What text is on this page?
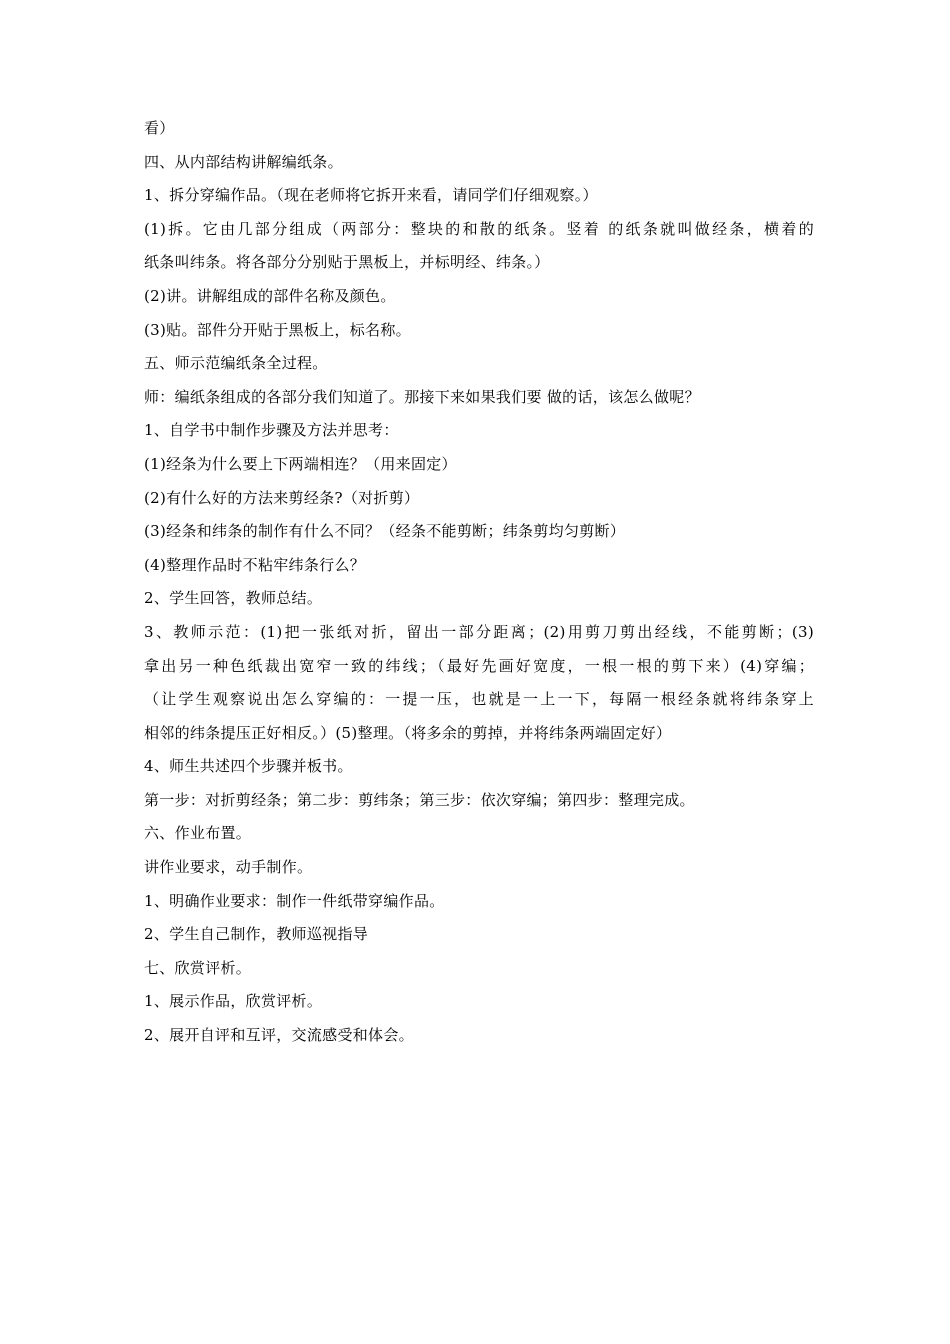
看）
四、从内部结构讲解编纸条。
1、拆分穿编作品。（现在老师将它拆开来看，请同学们仔细观察。）
(1)拆。它由几部分组成（两部分：整块的和散的纸条。竖着 的纸条就叫做经条，横着的
纸条叫纬条。将各部分分别贴于黑板上，并标明经、纬条。）
(2)讲。讲解组成的部件名称及颜色。
(3)贴。部件分开贴于黑板上，标名称。
五、师示范编纸条全过程。
师：编纸条组成的各部分我们知道了。那接下来如果我们要 做的话，该怎么做呢？
1、自学书中制作步骤及方法并思考：
(1)经条为什么要上下两端相连？（用来固定）
(2)有什么好的方法来剪经条?（对折剪）
(3)经条和纬条的制作有什么不同？（经条不能剪断；纬条剪均匀剪断）
(4)整理作品时不粘牢纬条行么？
2、学生回答，教师总结。
3、教师示范：(1)把一张纸对折，留出一部分距离；(2)用剪刀剪出经线，不能剪断；(3)
拿出另一种色纸裁出宽窄一致的纬线；（最好先画好宽度，一根一根的剪下来）(4)穿编；
（让学生观察说出怎么穿编的：一提一压，也就是一上一下，每隔一根经条就将纬条穿上
相邻的纬条提压正好相反。）(5)整理。（将多余的剪掉，并将纬条两端固定好）
4、师生共述四个步骤并板书。
第一步：对折剪经条；第二步：剪纬条；第三步：依次穿编；第四步：整理完成。
六、作业布置。
讲作业要求，动手制作。
1、明确作业要求：制作一件纸带穿编作品。
2、学生自己制作，教师巡视指导
七、欣赏评析。
1、展示作品，欣赏评析。
2、展开自评和互评，交流感受和体会。
